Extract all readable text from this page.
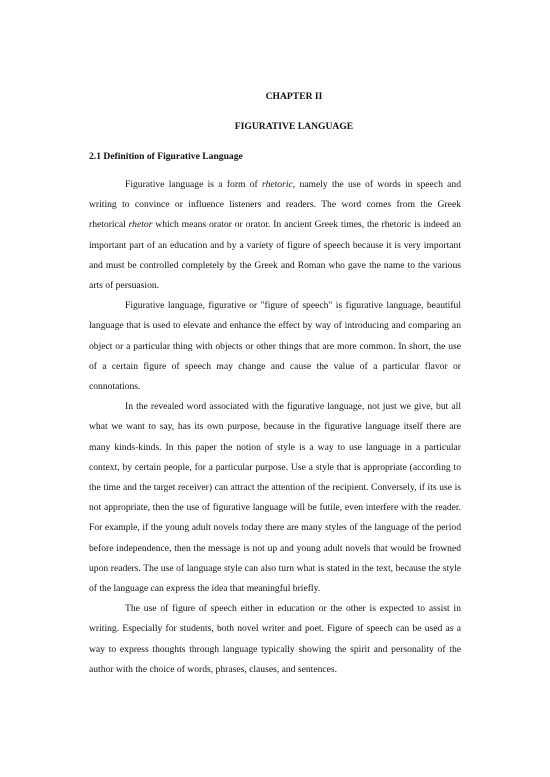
CHAPTER II
FIGURATIVE LANGUAGE
2.1 Definition of Figurative Language

Figurative language is a form of rhetoric, namely the use of words in speech and writing to convince or influence listeners and readers. The word comes from the Greek rhetorical rhetor which means orator or orator. In ancient Greek times, the rhetoric is indeed an important part of an education and by a variety of figure of speech because it is very important and must be controlled completely by the Greek and Roman who gave the name to the various arts of persuasion.

Figurative language, figurative or "figure of speech" is figurative language, beautiful language that is used to elevate and enhance the effect by way of introducing and comparing an object or a particular thing with objects or other things that are more common. In short, the use of a certain figure of speech may change and cause the value of a particular flavor or connotations.

In the revealed word associated with the figurative language, not just we give, but all what we want to say, has its own purpose, because in the figurative language itself there are many kinds-kinds. In this paper the notion of style is a way to use language in a particular context, by certain people, for a particular purpose. Use a style that is appropriate (according to the time and the target receiver) can attract the attention of the recipient. Conversely, if its use is not appropriate, then the use of figurative language will be futile, even interfere with the reader. For example, if the young adult novels today there are many styles of the language of the period before independence, then the message is not up and young adult novels that would be frowned upon readers. The use of language style can also turn what is stated in the text, because the style of the language can express the idea that meaningful briefly.

The use of figure of speech either in education or the other is expected to assist in writing. Especially for students, both novel writer and poet. Figure of speech can be used as a way to express thoughts through language typically showing the spirit and personality of the author with the choice of words, phrases, clauses, and sentences.
